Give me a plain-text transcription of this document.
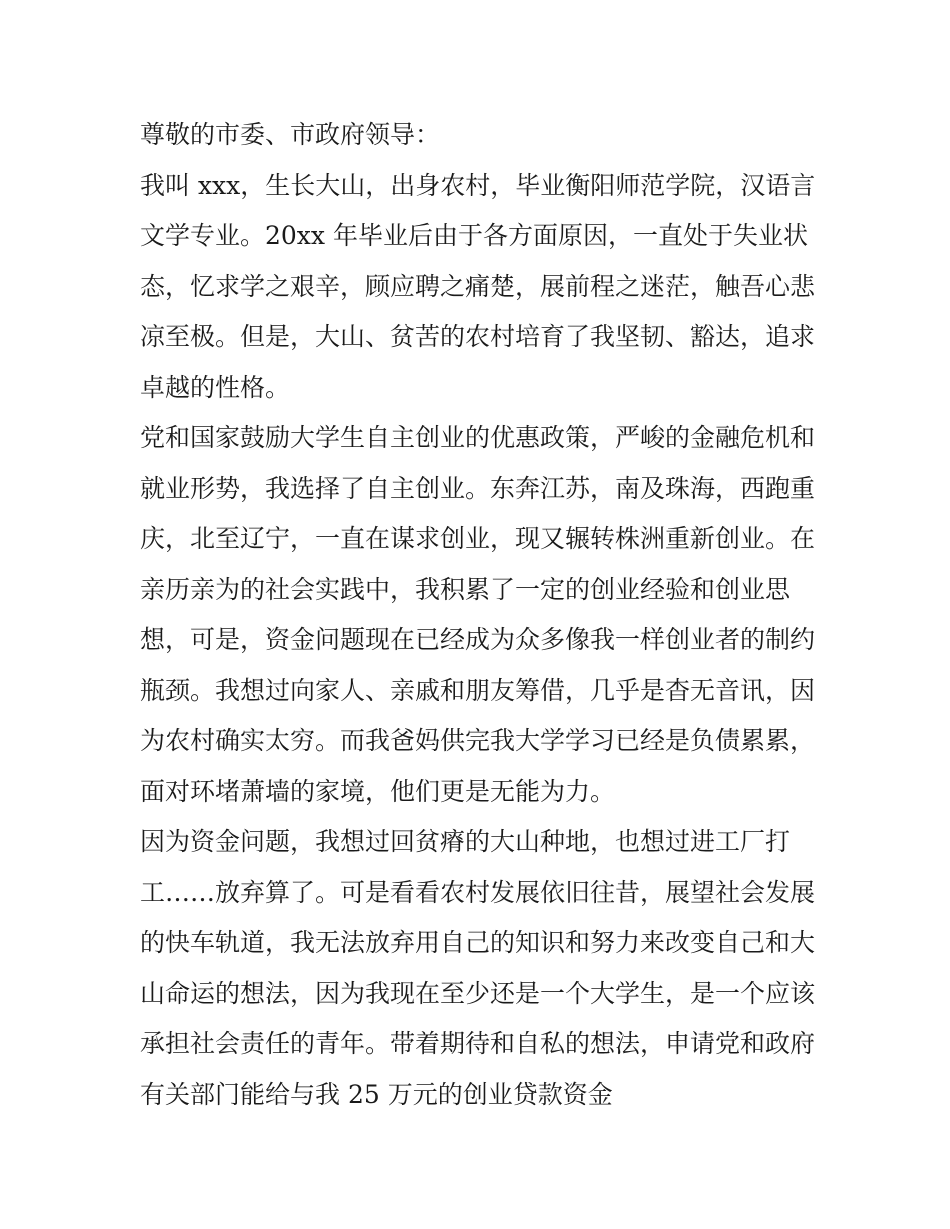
尊敬的市委、市政府领导：
我叫 xxx，生长大山，出身农村，毕业衡阳师范学院，汉语言
文学专业。20xx 年毕业后由于各方面原因，一直处于失业状
态，忆求学之艰辛，顾应聘之痛楚，展前程之迷茫，触吾心悲
凉至极。但是，大山、贫苦的农村培育了我坚韧、豁达，追求
卓越的性格。
党和国家鼓励大学生自主创业的优惠政策，严峻的金融危机和
就业形势，我选择了自主创业。东奔江苏，南及珠海，西跑重
庆，北至辽宁，一直在谋求创业，现又辗转株洲重新创业。在
亲历亲为的社会实践中，我积累了一定的创业经验和创业思
想，可是，资金问题现在已经成为众多像我一样创业者的制约
瓶颈。我想过向家人、亲戚和朋友筹借，几乎是杳无音讯，因
为农村确实太穷。而我爸妈供完我大学学习已经是负债累累，
面对环堵萧墙的家境，他们更是无能为力。
因为资金问题，我想过回贫瘠的大山种地，也想过进工厂打
工……放弃算了。可是看看农村发展依旧往昔，展望社会发展
的快车轨道，我无法放弃用自己的知识和努力来改变自己和大
山命运的想法，因为我现在至少还是一个大学生，是一个应该
承担社会责任的青年。带着期待和自私的想法，申请党和政府
有关部门能给与我 25 万元的创业贷款资金
